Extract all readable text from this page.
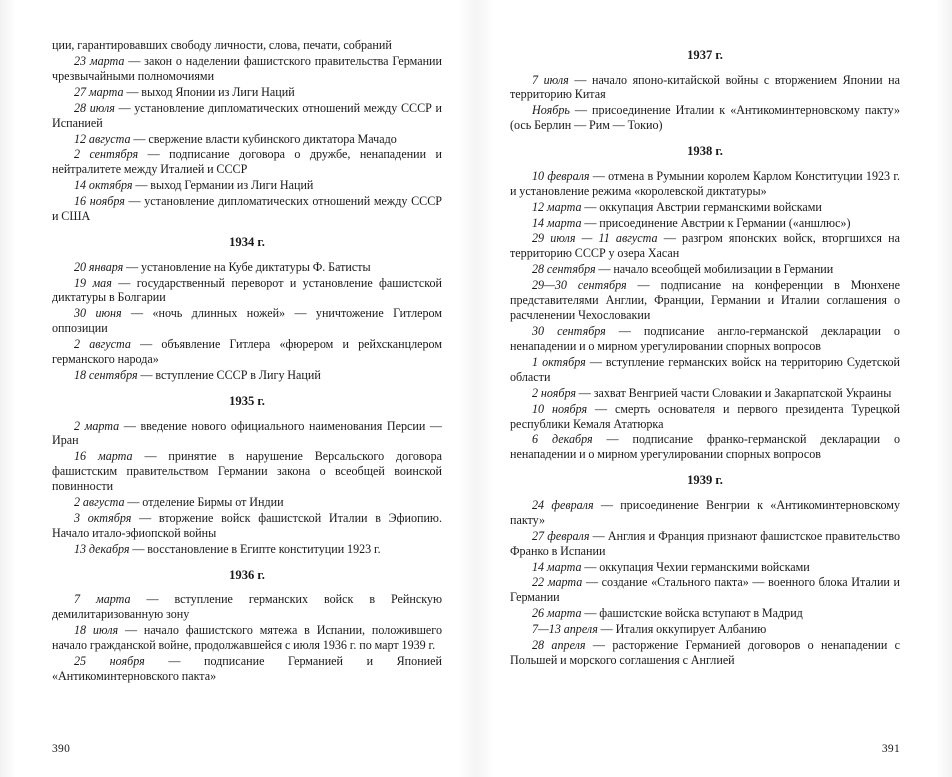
ции, гарантировавших свободу личности, слова, печати, собраний

23 марта — закон о наделении фашистского правительства Германии чрезвычайными полномочиями

27 марта — выход Японии из Лиги Наций

28 июля — установление дипломатических отношений между СССР и Испанией

12 августа — свержение власти кубинского диктатора Мачадо

2 сентября — подписание договора о дружбе, ненападении и нейтралитете между Италией и СССР

14 октября — выход Германии из Лиги Наций

16 ноября — установление дипломатических отношений между СССР и США

1934 г.

20 января — установление на Кубе диктатуры Ф. Батисты

19 мая — государственный переворот и установление фашистской диктатуры в Болгарии

30 июня — «ночь длинных ножей» — уничтожение Гитлером оппозиции

2 августа — объявление Гитлера «фюрером и рейхсканцлером германского народа»

18 сентября — вступление СССР в Лигу Наций

1935 г.

2 марта — введение нового официального наименования Персии — Иран

16 марта — принятие в нарушение Версальского договора фашистским правительством Германии закона о всеобщей воинской повинности

2 августа — отделение Бирмы от Индии

3 октября — вторжение войск фашистской Италии в Эфиопию. Начало итало-эфиопской войны

13 декабря — восстановление в Египте конституции 1923 г.

1936 г.

7 марта — вступление германских войск в Рейнскую демилитаризованную зону

18 июля — начало фашистского мятежа в Испании, положившего начало гражданской войне, продолжавшейся с июля 1936 г. по март 1939 г.

25 ноября — подписание Германией и Японией «Антикоминтерновского пакта»

390
1937 г.

7 июля — начало японо-китайской войны с вторжением Японии на территорию Китая

Ноябрь — присоединение Италии к «Антикоминтерновскому пакту» (ось Берлин — Рим — Токио)

1938 г.

10 февраля — отмена в Румынии королем Карлом Конституции 1923 г. и установление режима «королевской диктатуры»

12 марта — оккупация Австрии германскими войсками

14 марта — присоединение Австрии к Германии («аншлюс»)

29 июля — 11 августа — разгром японских войск, вторгшихся на территорию СССР у озера Хасан

28 сентября — начало всеобщей мобилизации в Германии

29—30 сентября — подписание на конференции в Мюнхене представителями Англии, Франции, Германии и Италии соглашения о расчленении Чехословакии

30 сентября — подписание англо-германской декларации о ненападении и о мирном урегулировании спорных вопросов

1 октября — вступление германских войск на территорию Судетской области

2 ноября — захват Венгрией части Словакии и Закарпатской Украины

10 ноября — смерть основателя и первого президента Турецкой республики Кемаля Ататюрка

6 декабря — подписание франко-германской декларации о ненападении и о мирном урегулировании спорных вопросов

1939 г.

24 февраля — присоединение Венгрии к «Антикоминтерновскому пакту»

27 февраля — Англия и Франция признают фашистское правительство Франко в Испании

14 марта — оккупация Чехии германскими войсками

22 марта — создание «Стального пакта» — военного блока Италии и Германии

26 марта — фашистские войска вступают в Мадрид

7—13 апреля — Италия оккупирует Албанию

28 апреля — расторжение Германией договоров о ненападении с Польшей и морского соглашения с Англией

391
